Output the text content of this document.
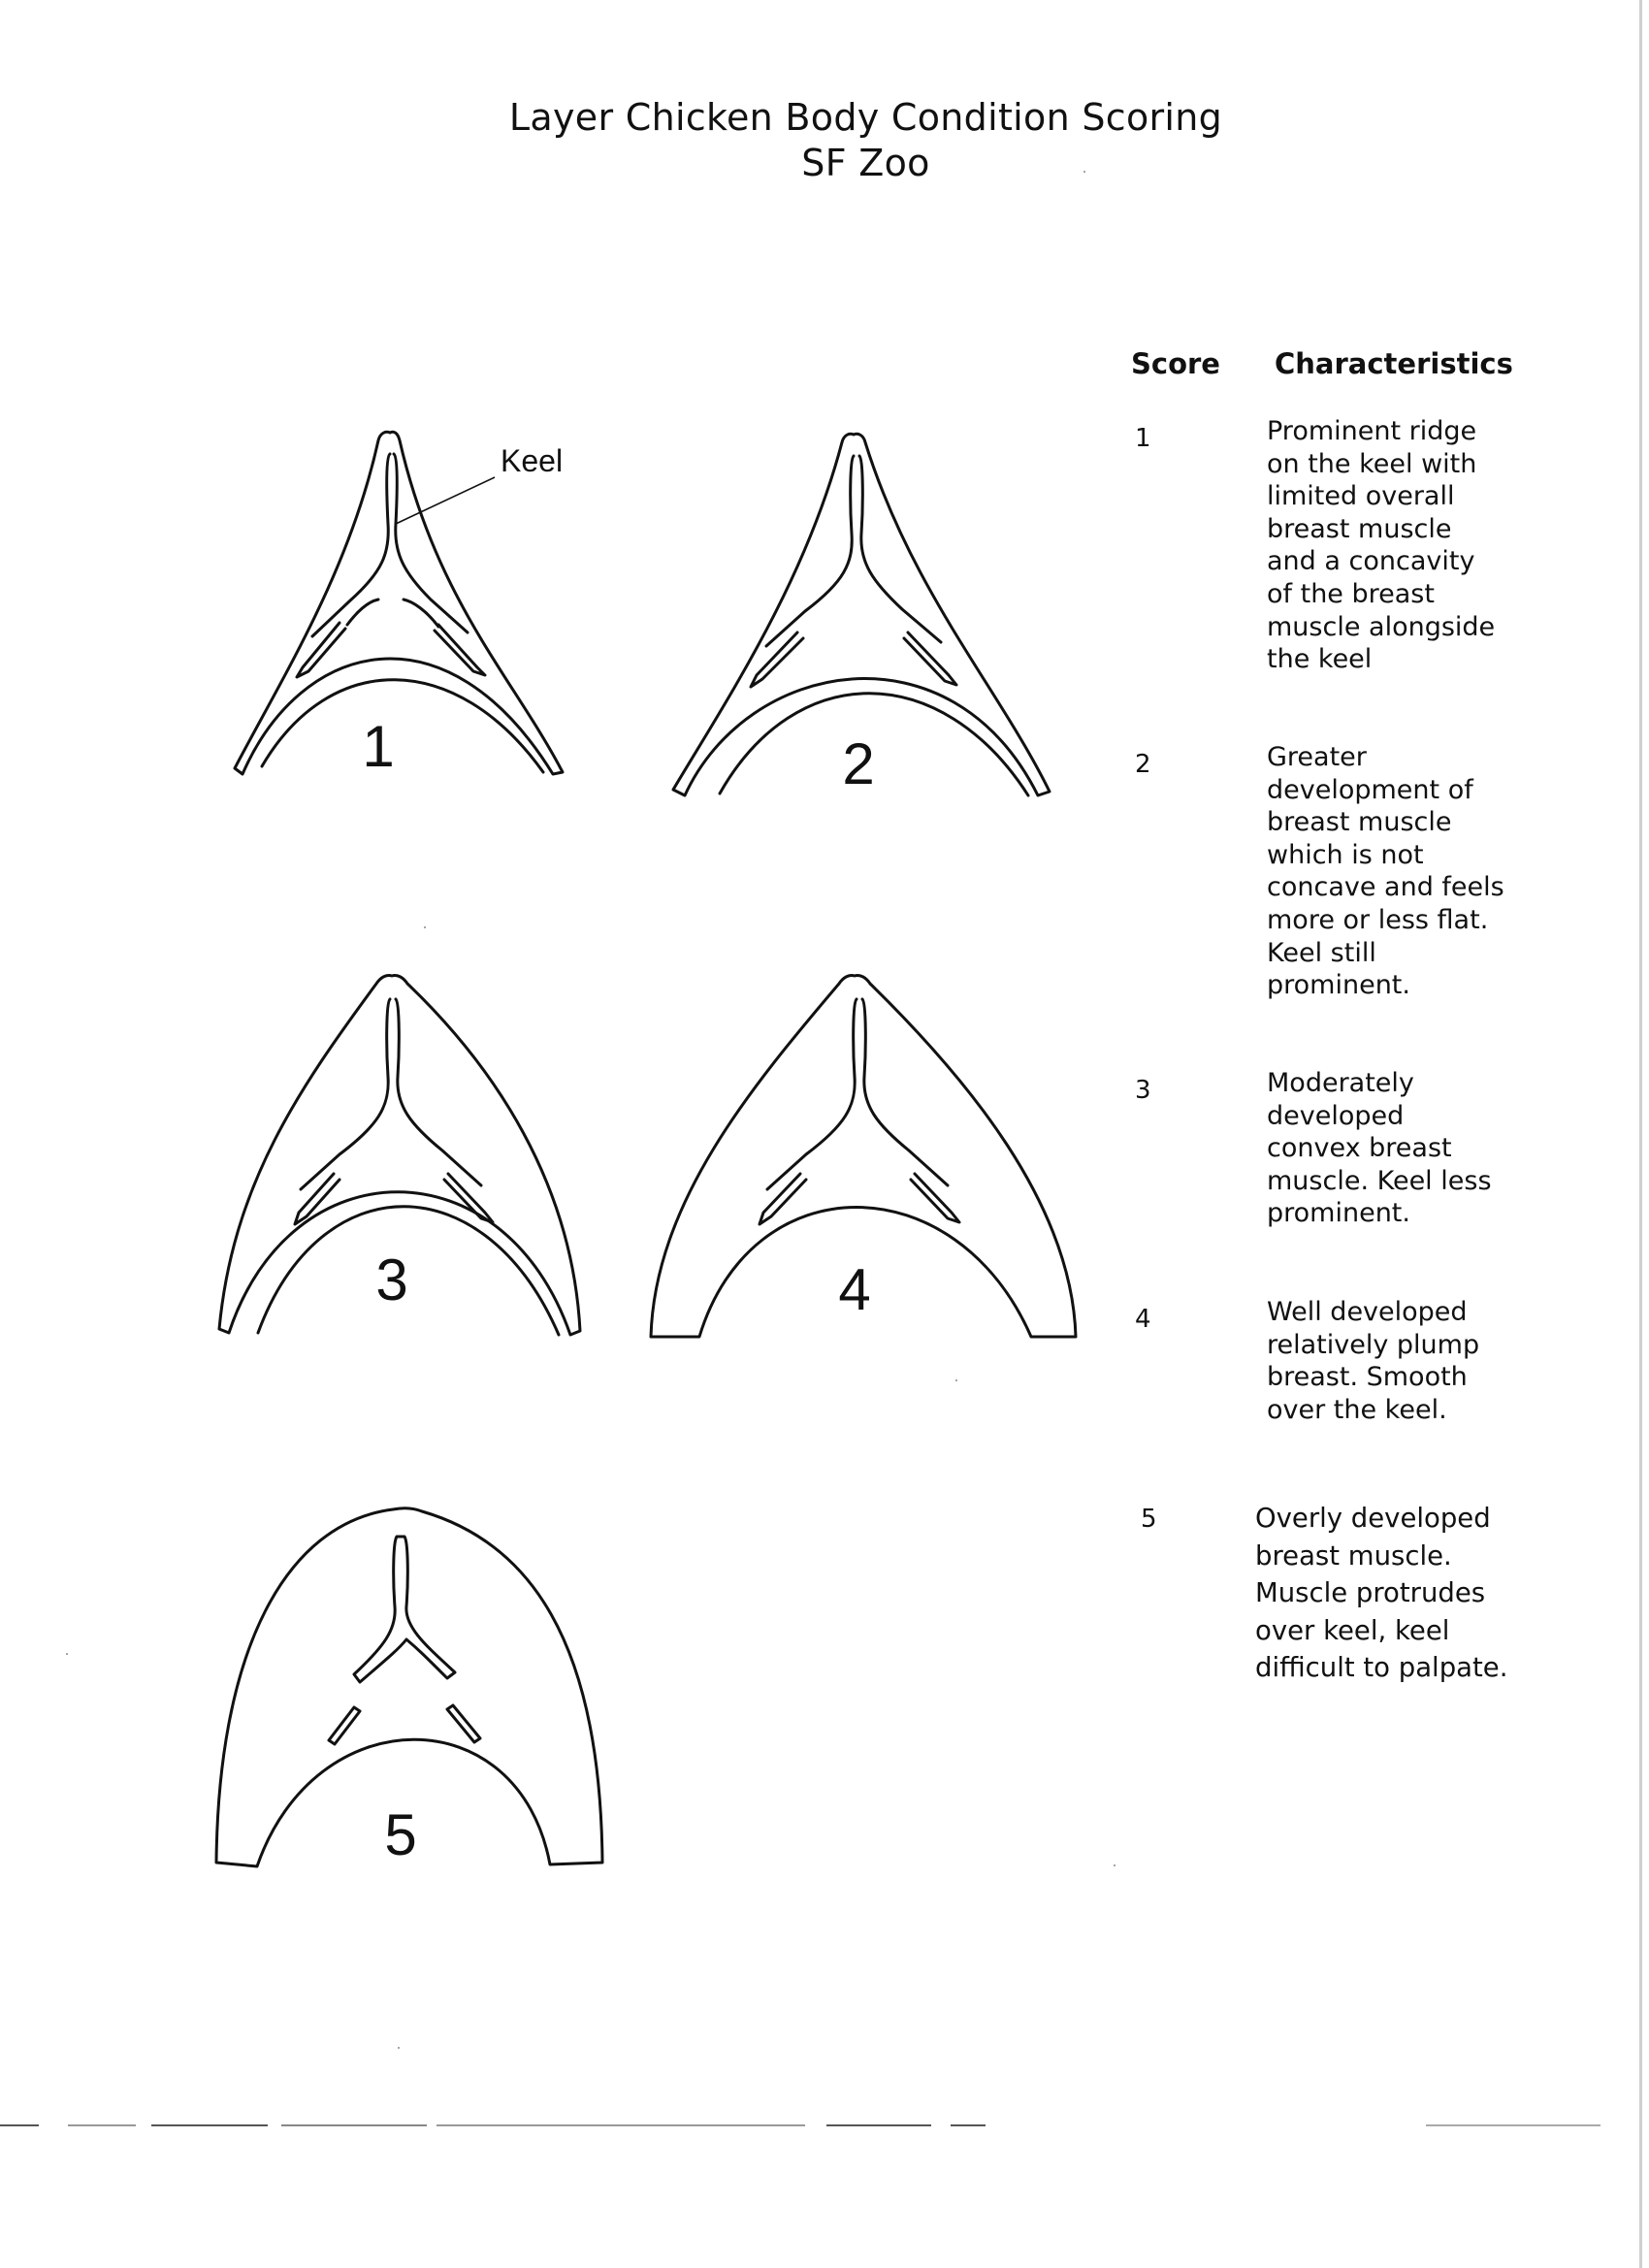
Layer Chicken Body Condition Scoring
SF Zoo
Keel
1	2
3	4
5
Score Characteristics
1	Prominent ridge
on the keel with
limited overall
breast muscle
and a concavity
of the breast
muscle alongside
the keel
2	Greater
development of
breast muscle
which is not
concave and feels
more or less flat.
Keel still
prominent.
3	Moderately
developed
convex breast
muscle. Keel less
prominent.
4	Well developed
relatively plump
breast. Smooth
over the keel.
5	Overly developed
breast muscle.
Muscle protrudes
over keel, keel
difficult to palpate.
